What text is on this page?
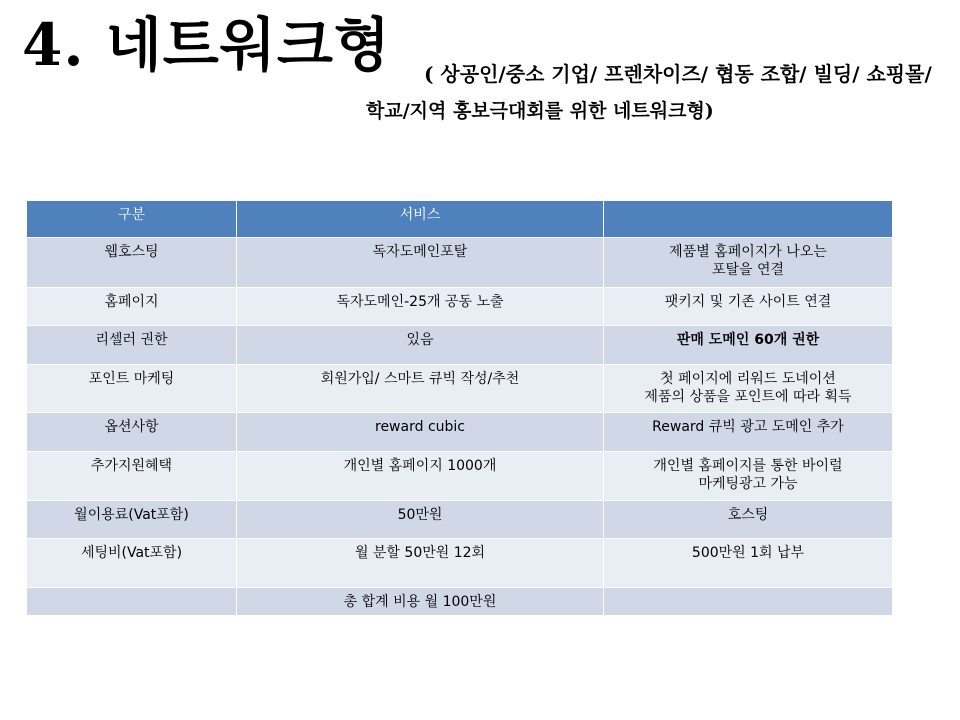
4. 네트워크형 ( 상공인/중소 기업/ 프렌차이즈/ 협동 조합/ 빌딩/ 쇼핑몰/
학교/지역 홍보극대회를 위한 네트워크형)
구분	서비스	
웹호스팅	독자도메인포탈	제품별 홈페이지가 나오는
포탈을 연결
홈페이지	독자도메인-25개 공동 노출	팻키지 및 기존 사이트 연결
리셀러 권한	있음	판매 도메인 60개 권한
포인트 마케팅	회원가입/ 스마트 큐빅 작성/추천	첫 페이지에 리워드 도네이션
제품의 상품을 포인트에 따라 획득
옵션사항	reward cubic	Reward 큐빅 광고 도메인 추가
추가지원혜택	개인별 홈페이지 1000개	개인별 홈페이지를 통한 바이럴
마케팅광고 가능
월이용료(Vat포함)	50만원	호스팅
세팅비(Vat포함)	월 분할 50만원 12회	500만원 1회 납부
	총 합계 비용 월 100만원	
